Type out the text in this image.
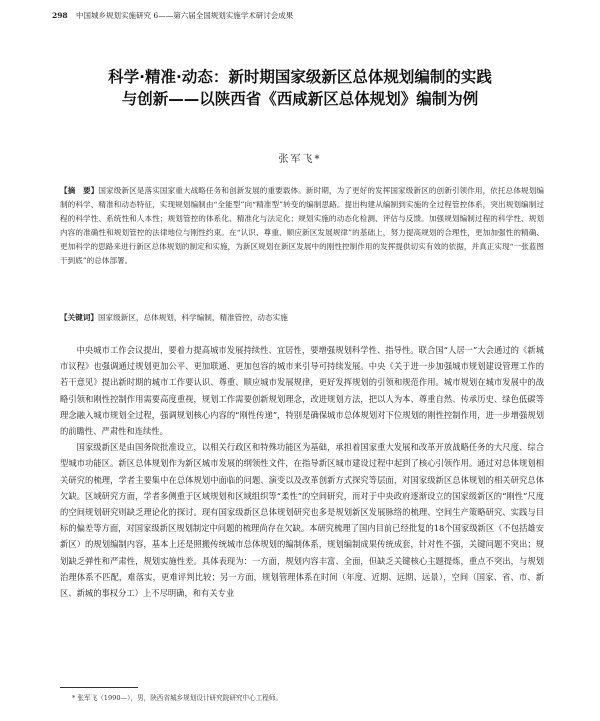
298 中国城乡规划实施研究 6——第六届全国规划实施学术研讨会成果
科学·精准·动态：新时期国家级新区总体规划编制的实践
与创新——以陕西省《西咸新区总体规划》编制为例
张军飞*
【摘　要】国家级新区是落实国家重大战略任务和创新发展的重要载体。新时期，为了更好的发挥国家级新区的创新引领作用，依托总体规划编制的科学、精准和动态特征，实现规划编制由“全能型”向“精准型”转变的编制思路。提出构建从编制到实施的全过程管控体系，突出规划编制过程的科学性、系统性和人本性；规划管控的体系化、精准化与法定化；规划实施的动态化检测、评估与反馈。加强规划编制过程的科学性、规划内容的准确性和规划管控的法律地位与刚性约束。在“认识、尊重、顺应新区发展规律”的基础上，努力提高规划的合理性，更加加强性的精确、更加科学的思路来进行新区总体规划的制定和实施，为新区规划在新区发展中的刚性控制作用的发挥提供切实有效的依据，并真正实现“一张蓝图干到底”的总体部署。
【关键词】国家级新区，总体规划，科学编制，精准管控，动态实施

中央城市工作会议提出，要着力提高城市发展持续性、宜居性，要增强规划科学性、指导性。联合国“人居一”大会通过的《新城市议程》也强调通过规划更加公平、更加联通、更加包容的城市来引导可持续发展。中央《关于进一步加强城市规划建设管理工作的若干意见》提出新时期的城市工作要认识、尊重、顺应城市发展规律，更好发挥规划的引领和规范作用。城市规划在城市发展中的战略引领和刚性控制作用需要高度重视，规划工作需要创新规划理念，改进规划方法，把以人为本、尊重自然、传承历史、绿色低碳等理念融入城市规划全过程，强调规划核心内容的“刚性传递”，特别是确保城市总体规划对下位规划的刚性控制作用，进一步增强规划的前瞻性、严肃性和连续性。

国家级新区是由国务院批准设立，以相关行政区和特殊功能区为基础，承担着国家重大发展和改革开放战略任务的大尺度、综合型城市功能区。新区总体规划作为新区城市发展的纲领性文件，在指导新区城市建设过程中起到了核心引领作用。通过对总体规划相关研究的梳理，学者主要集中在总体规划中面临的问题、演变以及改革创新方式探究等层面，对国家级新区总体规划的相关研究总体欠缺。区域研究方面，学者多侧重于区域规划和区域组织等“柔性”的空间研究，而对于中央政府逐渐设立的国家级新区的“刚性”尺度的空间规划研究则缺乏理论化的探讨。现有国家级新区总体规划研究也多是规划新区发展脉络的梳理、空间生产策略研究、实践与目标的偏差等方面，对国家级新区规划制定中问题的梳理尚存在欠缺。本研究梳理了国内目前已经批复的18个国家级新区（不包括雄安新区）的规划编制内容，基本上还是照搬传统城市总体规划的编制体系，规划编制成果传统成套，针对性不强，关键问题不突出；规划缺乏弹性和严肃性，规划实施性差。具体表现为：一方面，规划内容丰富、全面，但缺乏关键核心主题提炼，重点不突出，与规划治理体系不匹配，难落实，更难评判比较；另一方面，规划管理体系在时间（年度、近期、远期、远景），空间（国家、省、市、新区、新城的事权分工）上不尽明确，和有关专业

* 张军飞（1990—），男，陕西省城乡规划设计研究院研究中心工程师。
